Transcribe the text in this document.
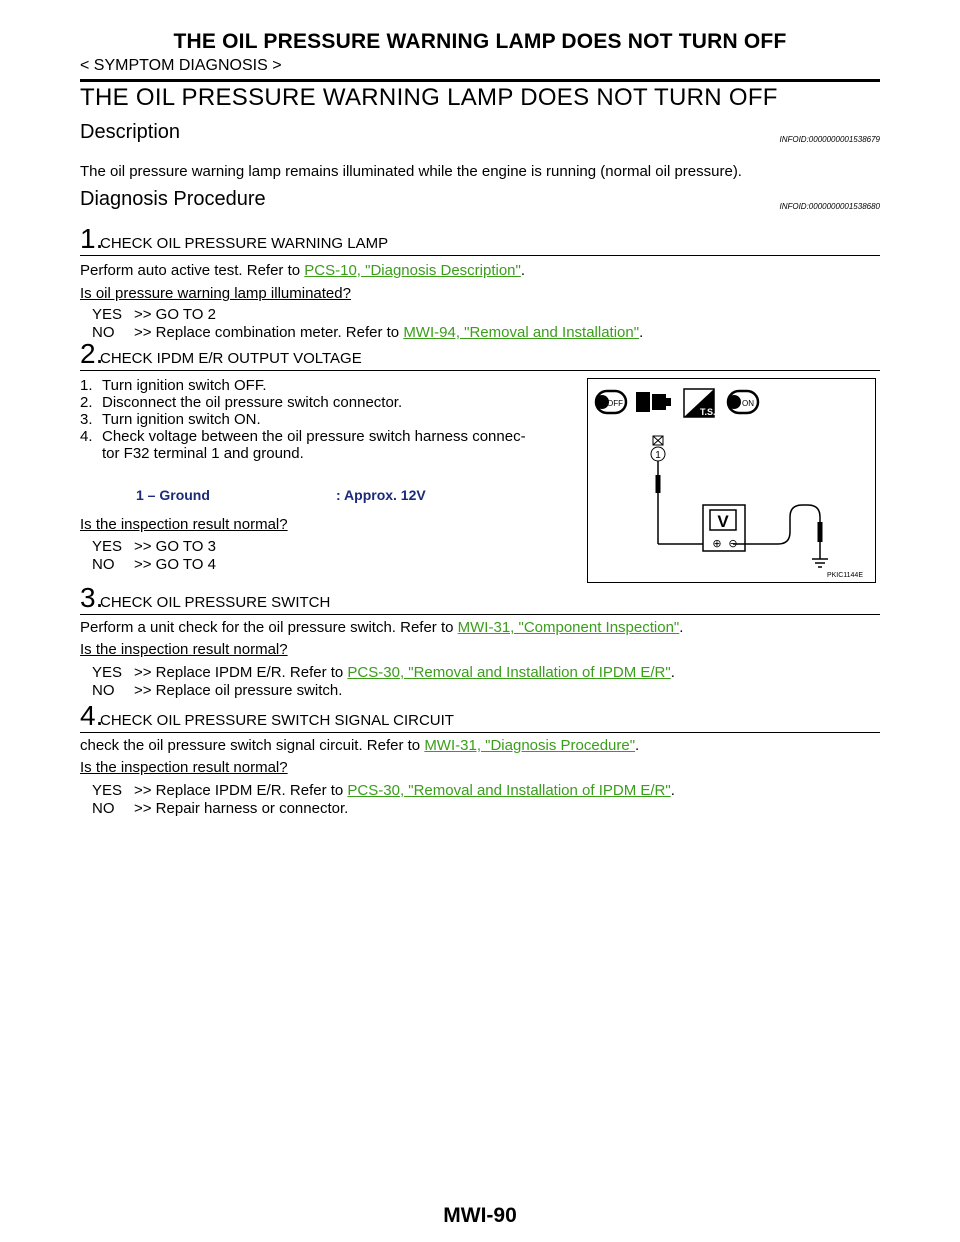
THE OIL PRESSURE WARNING LAMP DOES NOT TURN OFF
< SYMPTOM DIAGNOSIS >
THE OIL PRESSURE WARNING LAMP DOES NOT TURN OFF
Description	INFOID:0000000001538679
The oil pressure warning lamp remains illuminated while the engine is running (normal oil pressure).
Diagnosis Procedure	INFOID:0000000001538680
1.
CHECK OIL PRESSURE WARNING LAMP
Perform auto active test. Refer to PCS-10, "Diagnosis Description".
Is oil pressure warning lamp illuminated?
YES >> GO TO 2
NO >> Replace combination meter. Refer to MWI-94, "Removal and Installation".
2.
CHECK IPDM E/R OUTPUT VOLTAGE
1. Turn ignition switch OFF.
2. Disconnect the oil pressure switch connector.
3. Turn ignition switch ON.
4. Check voltage between the oil pressure switch harness connec-
tor F32 terminal 1 and ground.
1 – Ground	: Approx. 12V
Is the inspection result normal?
YES >> GO TO 3
NO >> GO TO 4
OFF
T.S.
ON
1
V
⊕ ⊖
PKIC1144E
3.
CHECK OIL PRESSURE SWITCH
Perform a unit check for the oil pressure switch. Refer to MWI-31, "Component Inspection".
Is the inspection result normal?
YES >> Replace IPDM E/R. Refer to PCS-30, "Removal and Installation of IPDM E/R".
NO >> Replace oil pressure switch.
4.
CHECK OIL PRESSURE SWITCH SIGNAL CIRCUIT
check the oil pressure switch signal circuit. Refer to MWI-31, "Diagnosis Procedure".
Is the inspection result normal?
YES >> Replace IPDM E/R. Refer to PCS-30, "Removal and Installation of IPDM E/R".
NO >> Repair harness or connector.
MWI-90
